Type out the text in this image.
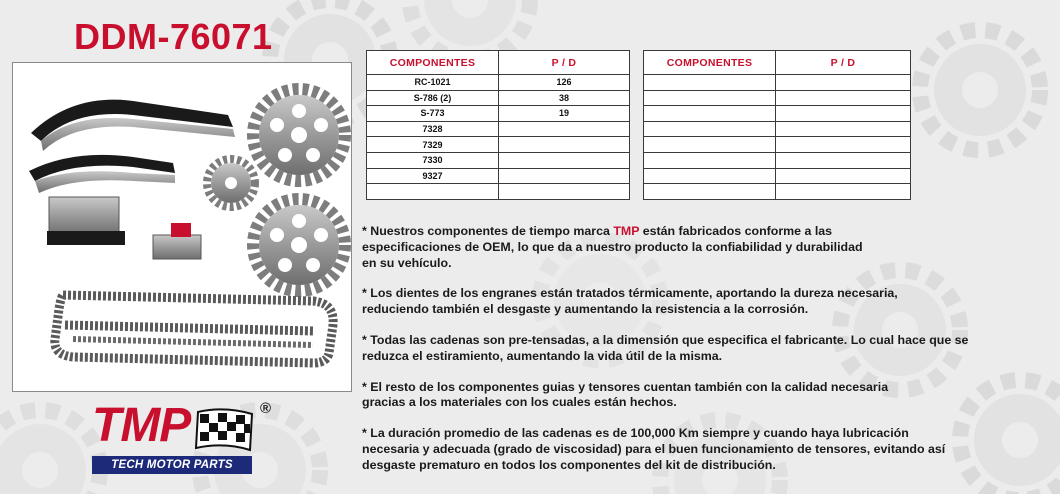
DDM-76071
COMPONENTES	P / D
RC-1021	126
S-786 (2)	38
S-773	19
7328	
7329	
7330	
9327	

COMPONENTES	P / D

* Nuestros componentes de tiempo marca TMP están fabricados conforme a las
especificaciones de OEM, lo que da a nuestro producto la confiabilidad y durabilidad
en su vehículo.

* Los dientes de los engranes están tratados térmicamente, aportando la dureza necesaria,
reduciendo también el desgaste y aumentando la resistencia a la corrosión.

* Todas las cadenas son pre-tensadas, a la dimensión que especifica el fabricante. Lo cual hace que se
reduzca el estiramiento, aumentando la vida útil de la misma.

* El resto de los componentes guias y tensores cuentan también con la calidad necesaria
gracias a los materiales con los cuales están hechos.

* La duración promedio de las cadenas es de 100,000 Km siempre y cuando haya lubricación
necesaria y adecuada (grado de viscosidad) para el buen funcionamiento de tensores, evitando así
desgaste prematuro en todos los componentes del kit de distribución.

TMP	®
TECH MOTOR PARTS
